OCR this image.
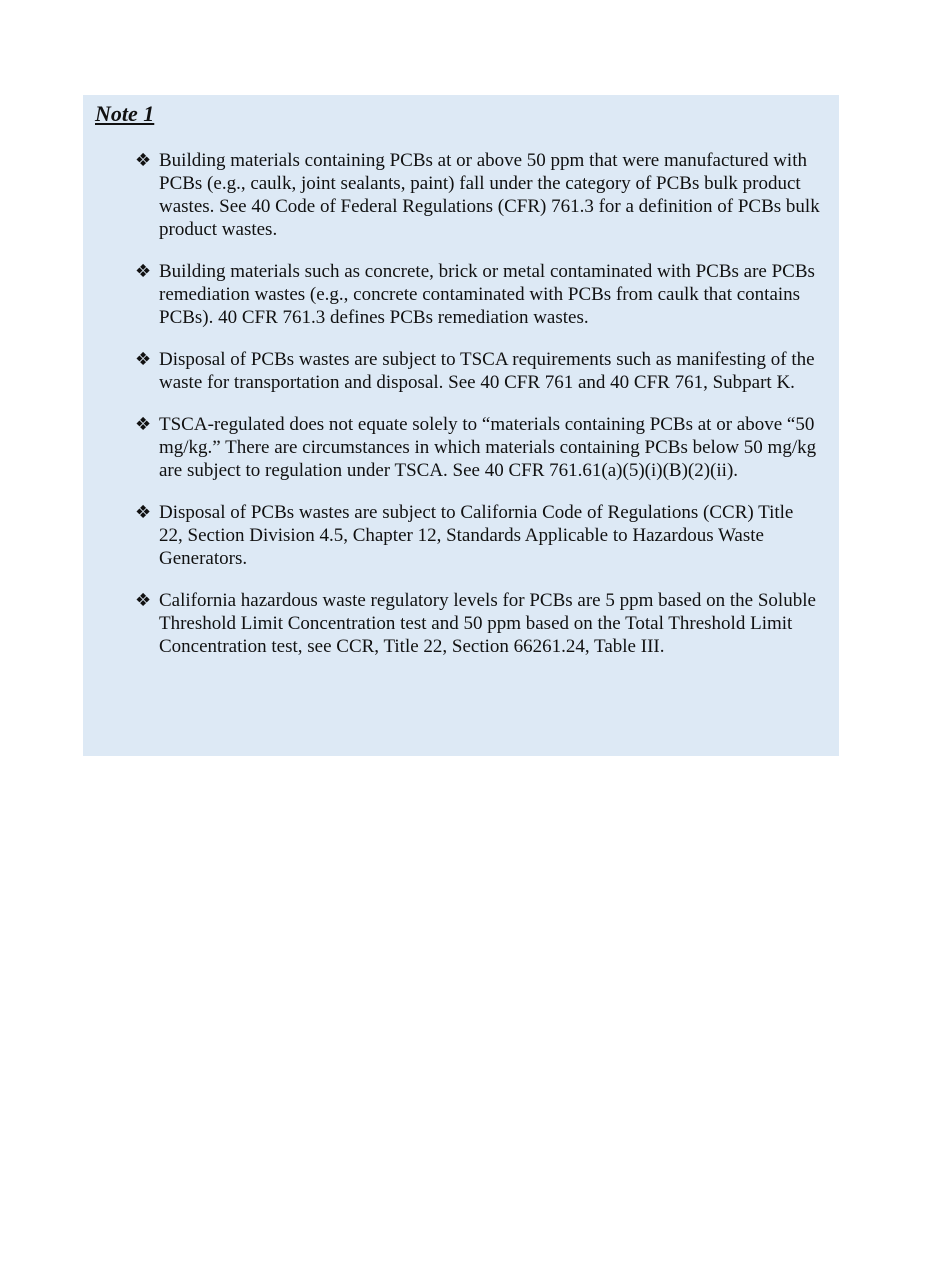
Note 1
❖ Building materials containing PCBs at or above 50 ppm that were manufactured with PCBs (e.g., caulk, joint sealants, paint) fall under the category of PCBs bulk product wastes. See 40 Code of Federal Regulations (CFR) 761.3 for a definition of PCBs bulk product wastes.
❖ Building materials such as concrete, brick or metal contaminated with PCBs are PCBs remediation wastes (e.g., concrete contaminated with PCBs from caulk that contains PCBs). 40 CFR 761.3 defines PCBs remediation wastes.
❖ Disposal of PCBs wastes are subject to TSCA requirements such as manifesting of the waste for transportation and disposal. See 40 CFR 761 and 40 CFR 761, Subpart K.
❖ TSCA-regulated does not equate solely to “materials containing PCBs at or above “50 mg/kg.” There are circumstances in which materials containing PCBs below 50 mg/kg are subject to regulation under TSCA. See 40 CFR 761.61(a)(5)(i)(B)(2)(ii).
❖ Disposal of PCBs wastes are subject to California Code of Regulations (CCR) Title 22, Section Division 4.5, Chapter 12, Standards Applicable to Hazardous Waste Generators.
❖ California hazardous waste regulatory levels for PCBs are 5 ppm based on the Soluble Threshold Limit Concentration test and 50 ppm based on the Total Threshold Limit Concentration test, see CCR, Title 22, Section 66261.24, Table III.
